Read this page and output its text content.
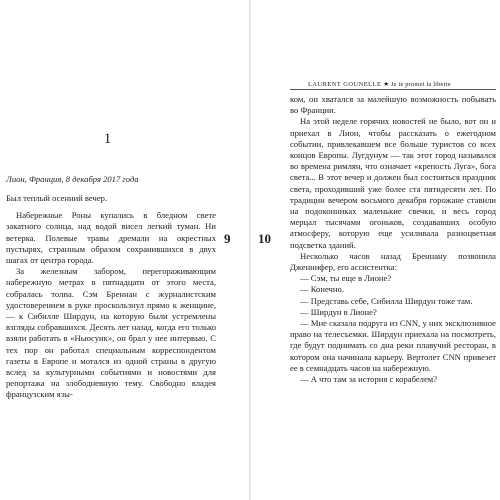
1
Лион, Франция, 8 декабря 2017 года

Был теплый осенний вечер.

Набережные Роны купались в бледном свете закатного солнца, над водой висел легкий туман. Ни ветерка. Полевые травы дремали на окрестных пустырях, странным образом сохранившихся в двух шагах от центра города.

За железным забором, перегораживающим набережную метрах в пятнадцати от этого места, собралась толпа. Сэм Бреннан с журналистским удостоверением в руке проскользнул прямо к женщине, — к Сибилле Ширдун, на которую были устремлены взгляды собравшихся. Десять лет назад, когда его только взяли работать в «Ньюсуик», он брал у нее интервью. С тех пор он работал специальным корреспондентом газеты в Европе и мотался из одной страны в другую вслед за культурными событиями и новостями для репортажа на злободневную тему. Свободно владея французским язы-

9
LAURENT GOUNELLE ★ Je te promet la liberte
10

ком, он хватался за малейшую возможность побывать во Франции.

На этой неделе горячих новостей не было, вот он и приехал в Лион, чтобы рассказать о ежегодном событии, привлекавшем все больше туристов со всех концов Европы. Лугдунум — так этот город назывался во времена римлян, что означает «крепость Луга», бога света... В этот вечер и должен был состояться праздник света, проходивший уже более ста пятидесяти лет. По традиции вечером восьмого декабря горожане ставили на подоконниках маленькие свечки, и весь город мерцал тысячами огоньков, создававших особую атмосферу, которую еще усиливала разноцветная подсветка зданий.

Несколько часов назад Бреннану позвонила Дженнифер, его ассистентка:

— Сэм, ты еще в Лионе?

— Конечно.

— Представь себе, Сибилла Ширдун тоже там.

— Ширдун в Лионе?

— Мне сказала подруга из CNN, у них эксклюзивное право на телесъемки. Ширдун приехала на посмотреть, где будут поднимать со дна реки плавучий ресторан, в котором она начинала карьеру. Вертолет CNN привезет ее в семнадцать часов на набережную.

— А что там за история с корабелем?
